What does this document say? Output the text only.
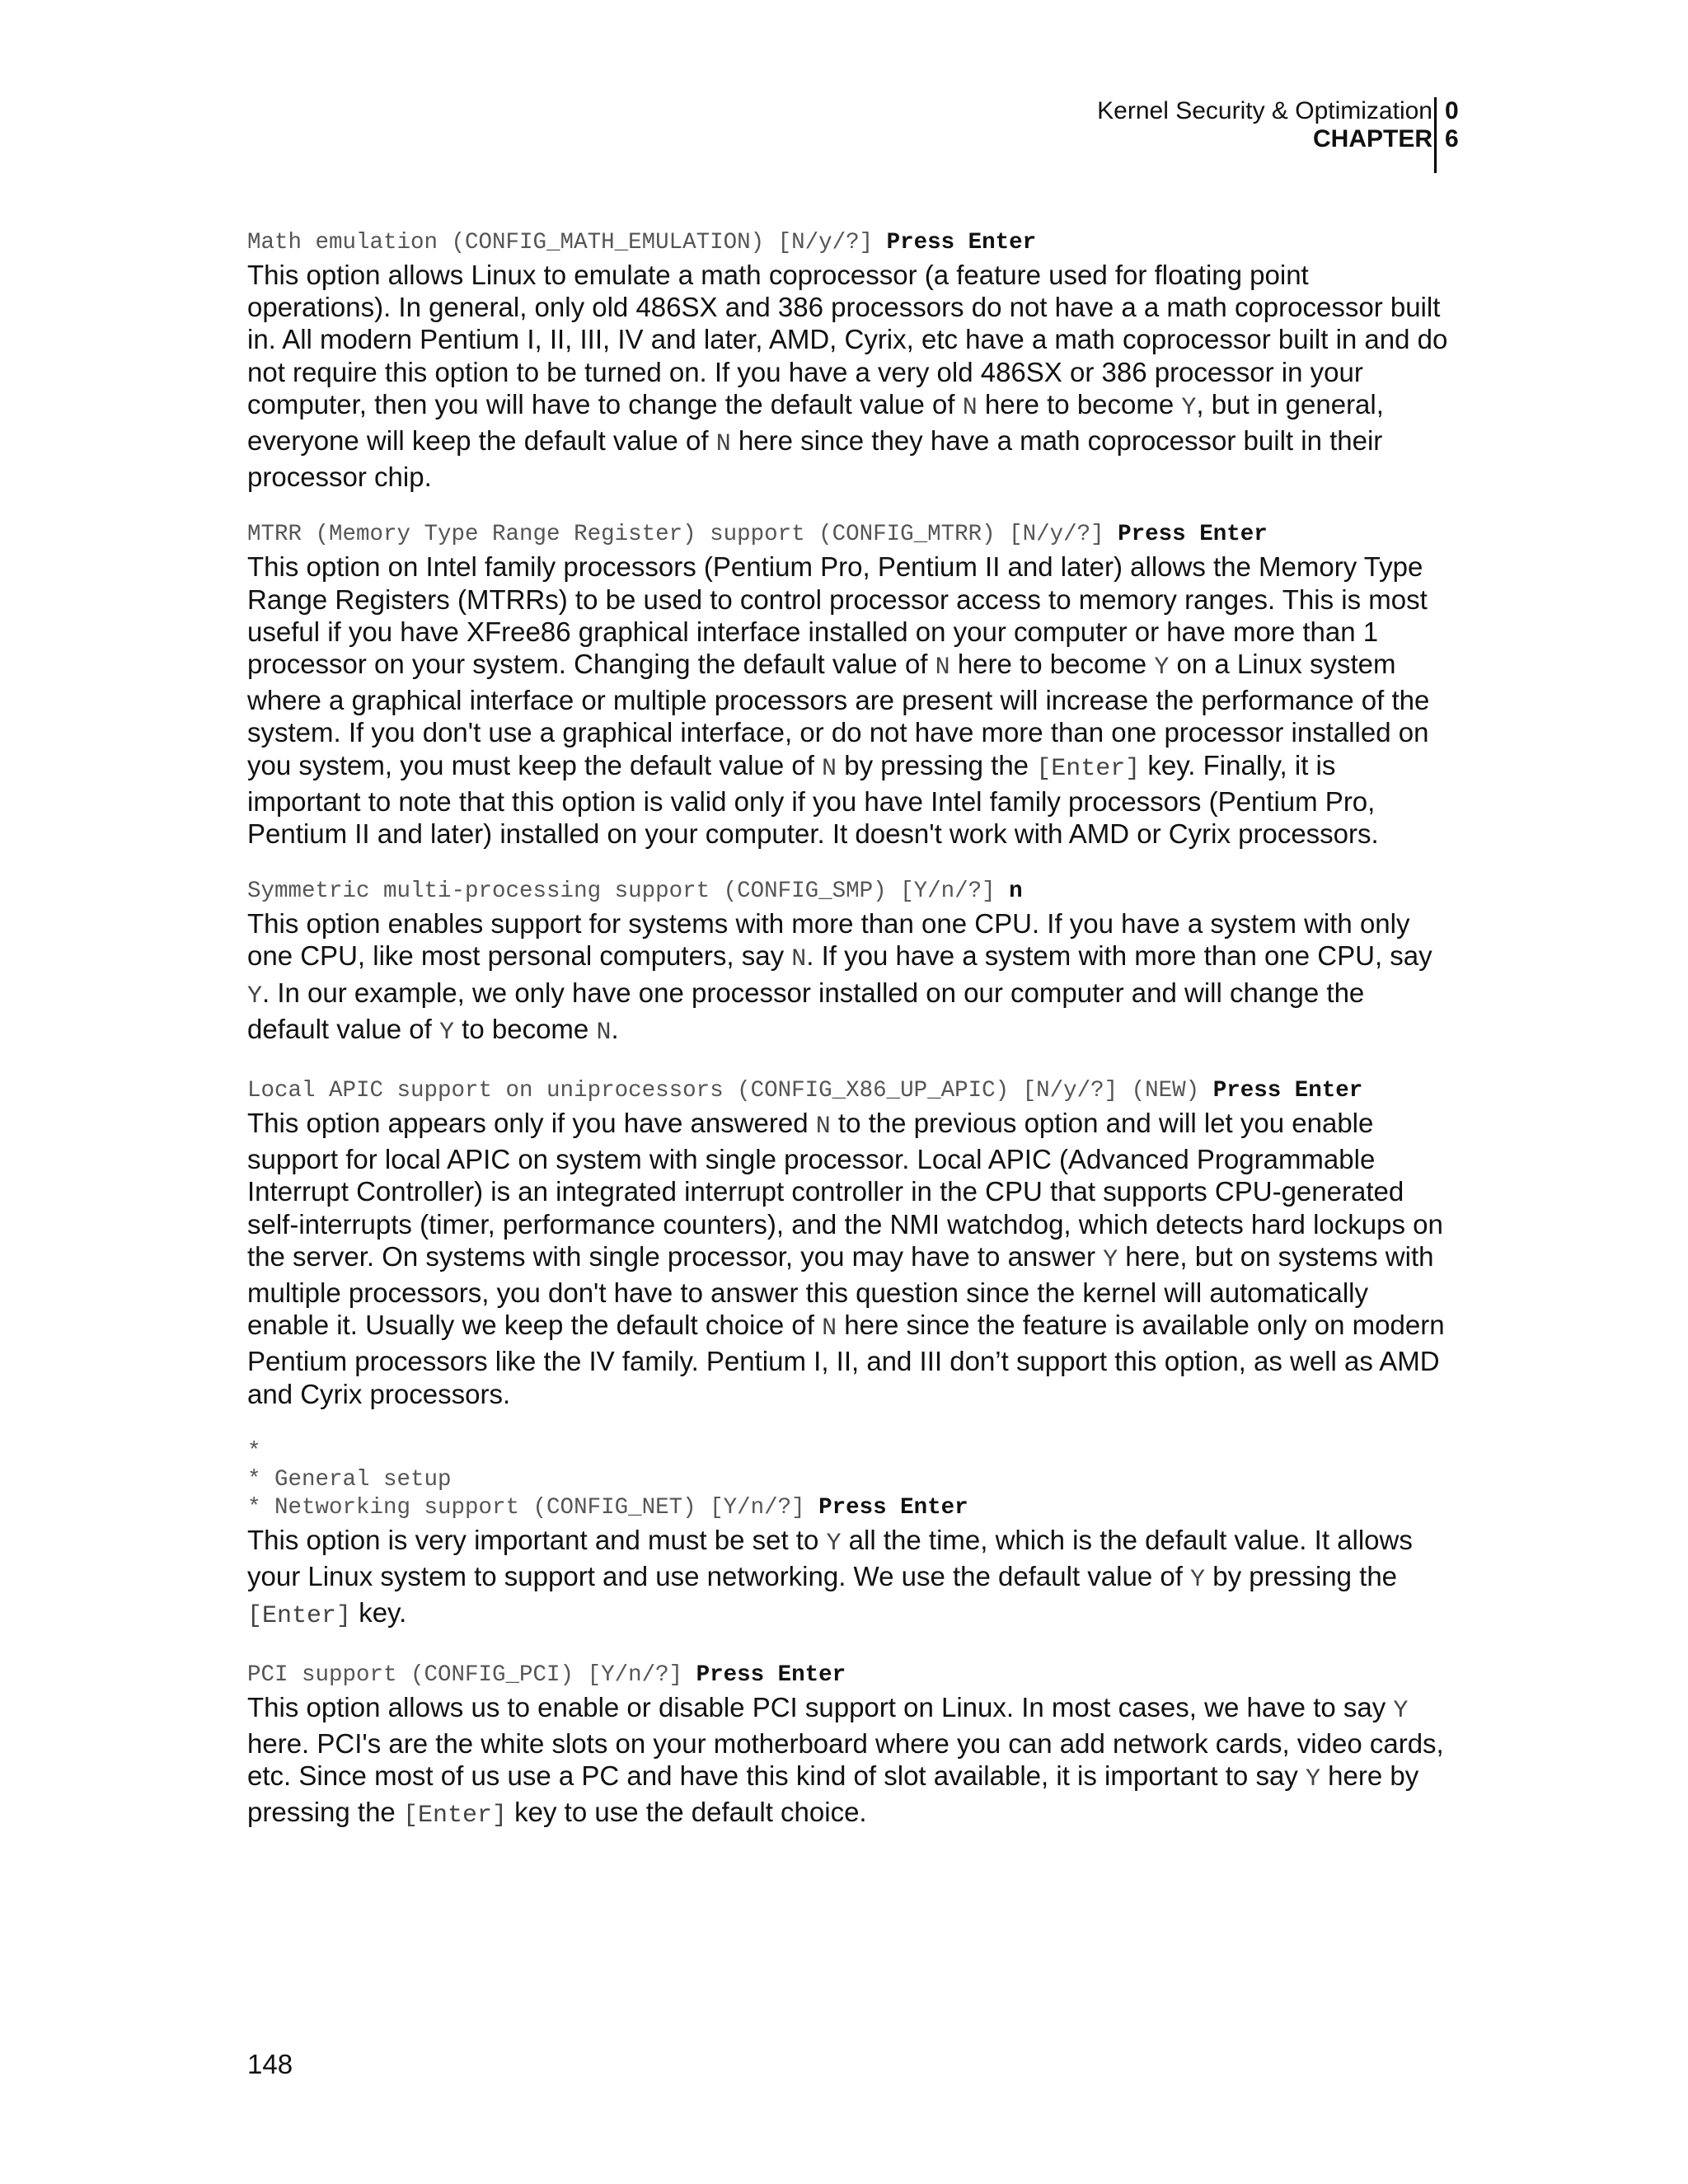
Kernel Security & Optimization
CHAPTER
0
6
Math emulation (CONFIG_MATH_EMULATION) [N/y/?] Press Enter

This option allows Linux to emulate a math coprocessor (a feature used for floating point operations). In general, only old 486SX and 386 processors do not have a a math coprocessor built in. All modern Pentium I, II, III, IV and later, AMD, Cyrix, etc have a math coprocessor built in and do not require this option to be turned on. If you have a very old 486SX or 386 processor in your computer, then you will have to change the default value of N here to become Y, but in general, everyone will keep the default value of N here since they have a math coprocessor built in their processor chip.

MTRR (Memory Type Range Register) support (CONFIG_MTRR) [N/y/?] Press Enter

This option on Intel family processors (Pentium Pro, Pentium II and later) allows the Memory Type Range Registers (MTRRs) to be used to control processor access to memory ranges. This is most useful if you have XFree86 graphical interface installed on your computer or have more than 1 processor on your system. Changing the default value of N here to become Y on a Linux system where a graphical interface or multiple processors are present will increase the performance of the system. If you don't use a graphical interface, or do not have more than one processor installed on you system, you must keep the default value of N by pressing the [Enter] key. Finally, it is important to note that this option is valid only if you have Intel family processors (Pentium Pro, Pentium II and later) installed on your computer. It doesn't work with AMD or Cyrix processors.

Symmetric multi-processing support (CONFIG_SMP) [Y/n/?] n

This option enables support for systems with more than one CPU. If you have a system with only one CPU, like most personal computers, say N. If you have a system with more than one CPU, say Y. In our example, we only have one processor installed on our computer and will change the default value of Y to become N.

Local APIC support on uniprocessors (CONFIG_X86_UP_APIC) [N/y/?] (NEW) Press Enter

This option appears only if you have answered N to the previous option and will let you enable support for local APIC on system with single processor. Local APIC (Advanced Programmable Interrupt Controller) is an integrated interrupt controller in the CPU that supports CPU-generated self-interrupts (timer, performance counters), and the NMI watchdog, which detects hard lockups on the server. On systems with single processor, you may have to answer Y here, but on systems with multiple processors, you don't have to answer this question since the kernel will automatically enable it. Usually we keep the default choice of N here since the feature is available only on modern Pentium processors like the IV family. Pentium I, II, and III don’t support this option, as well as AMD and Cyrix processors.

*
* General setup
* Networking support (CONFIG_NET) [Y/n/?] Press Enter

This option is very important and must be set to Y all the time, which is the default value. It allows your Linux system to support and use networking. We use the default value of Y by pressing the [Enter] key.

PCI support (CONFIG_PCI) [Y/n/?] Press Enter

This option allows us to enable or disable PCI support on Linux. In most cases, we have to say Y here. PCI's are the white slots on your motherboard where you can add network cards, video cards, etc. Since most of us use a PC and have this kind of slot available, it is important to say Y here by pressing the [Enter] key to use the default choice.

148
